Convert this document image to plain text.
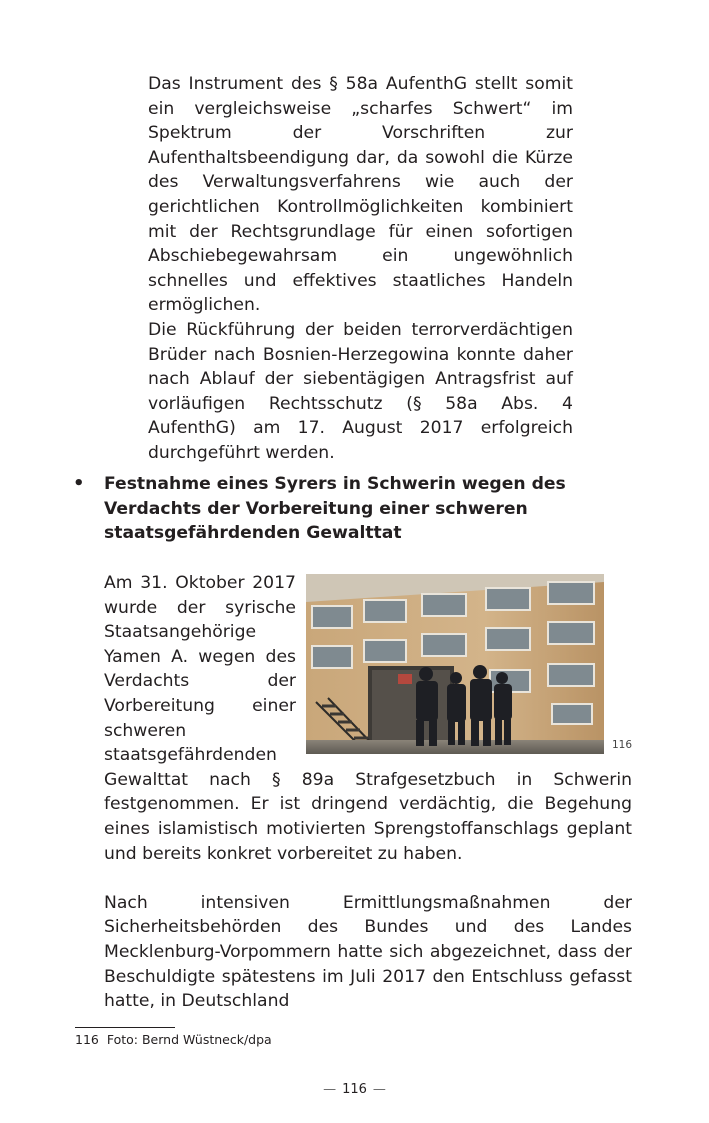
Das Instrument des § 58a AufenthG stellt somit ein vergleichsweise „scharfes Schwert“ im Spektrum der Vorschriften zur Aufenthaltsbeendigung dar, da sowohl die Kürze des Verwaltungsverfahrens wie auch der gerichtlichen Kontrollmöglichkeiten kombiniert mit der Rechtsgrundlage für einen sofortigen Abschiebegewahrsam ein ungewöhnlich schnelles und effektives staatliches Handeln ermöglichen.

Die Rückführung der beiden terrorverdächtigen Brüder nach Bosnien-Herzegowina konnte daher nach Ablauf der siebentägigen Antragsfrist auf vorläufigen Rechtsschutz (§ 58a Abs. 4 AufenthG) am 17. August 2017 erfolgreich durchgeführt werden.

• Festnahme eines Syrers in Schwerin wegen des Verdachts der Vorbereitung einer schweren staatsgefährdenden Gewalttat
116

Am 31. Oktober 2017 wurde der syrische Staatsangehörige Yamen A. wegen des Verdachts der Vorbereitung einer schweren staatsgefährdenden Gewalttat nach § 89a Strafgesetzbuch in Schwerin festgenommen. Er ist dringend verdächtig, die Begehung eines islamistisch motivierten Sprengstoffanschlags geplant und bereits konkret vorbereitet zu haben.

Nach intensiven Ermittlungsmaßnahmen der Sicherheitsbehörden des Bundes und des Landes Mecklenburg-Vorpommern hatte sich abgezeichnet, dass der Beschuldigte spätestens im Juli 2017 den Entschluss gefasst hatte, in Deutschland

116 Foto: Bernd Wüstneck/dpa

— 116 —
